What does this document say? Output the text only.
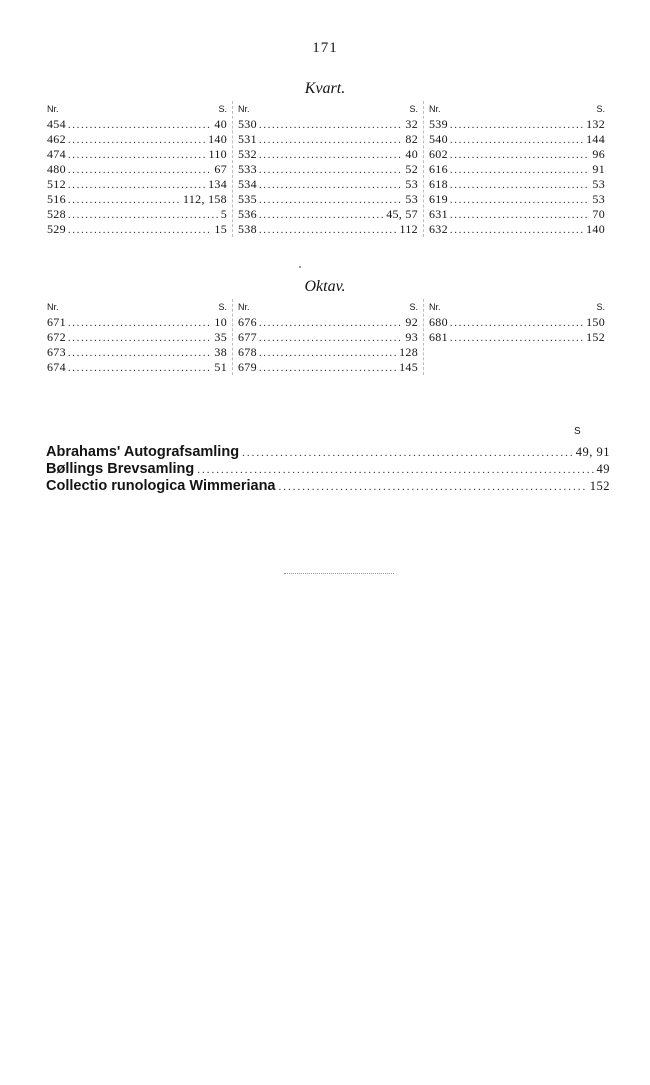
171
Kvart.
Nr.	S.
454 .....	40
462 .....	140
474 .....	110
480 .....	67
512 .....	134
516 .....	112, 158
528 .....	5
529 .....	15
Nr.	S.
530 .....	32
531 .....	82
532 .....	40
533 .....	52
534 .....	53
535 .....	53
536 .....	45, 57
538 .....	112
Nr.	S.
539 .....	132
540 .....	144
602 .....	96
616 .....	91
618 .....	53
619 .....	53
631 .....	70
632 .....	140
Oktav.
Nr.	S.
671 .....	10
672 .....	35
673 .....	38
674 .....	51
Nr.	S.
676 .....	92
677 .....	93
678 .....	128
679 .....	145
Nr.	S.
680 .....	150
681 .....	152
S
Abrahams' Autografsamling .....	49, 91
Bøllings Brevsamling .....	49
Collectio runologica Wimmeriana .....	152
